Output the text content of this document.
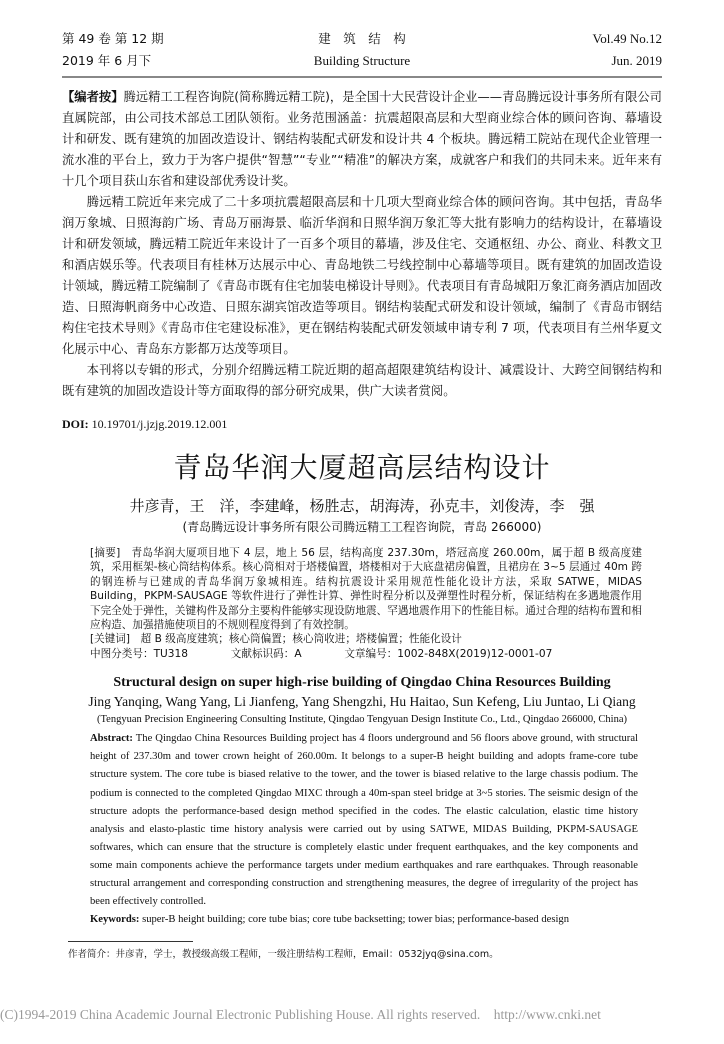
第 49 卷 第 12 期	建　筑　结　构	Vol.49 No.12
2019 年 6 月下	Building Structure	Jun. 2019

【编者按】腾远精工工程咨询院(简称腾远精工院)，是全国十大民营设计企业——青岛腾远设计事务所有限公司直属院部，由公司技术部总工团队领衔。业务范围涵盖：抗震超限高层和大型商业综合体的顾问咨询、幕墙设计和研发、既有建筑的加固改造设计、钢结构装配式研发和设计共 4 个板块。腾远精工院站在现代企业管理一流水准的平台上，致力于为客户提供“智慧”“专业”“精准”的解决方案，成就客户和我们的共同未来。近年来有十几个项目获山东省和建设部优秀设计奖。

腾远精工院近年来完成了二十多项抗震超限高层和十几项大型商业综合体的顾问咨询。其中包括，青岛华润万象城、日照海韵广场、青岛万丽海景、临沂华润和日照华润万象汇等大批有影响力的结构设计，在幕墙设计和研发领域，腾远精工院近年来设计了一百多个项目的幕墙，涉及住宅、交通枢纽、办公、商业、科教文卫和酒店娱乐等。代表项目有桂林万达展示中心、青岛地铁二号线控制中心幕墙等项目。既有建筑的加固改造设计领域，腾远精工院编制了《青岛市既有住宅加装电梯设计导则》。代表项目有青岛城阳万象汇商务酒店加固改造、日照海帆商务中心改造、日照东湖宾馆改造等项目。钢结构装配式研发和设计领域，编制了《青岛市钢结构住宅技术导则》《青岛市住宅建设标准》，更在钢结构装配式研发领域申请专利 7 项，代表项目有兰州华夏文化展示中心、青岛东方影都万达茂等项目。

本刊将以专辑的形式，分别介绍腾远精工院近期的超高超限建筑结构设计、减震设计、大跨空间钢结构和既有建筑的加固改造设计等方面取得的部分研究成果，供广大读者赏阅。

DOI: 10.19701/j.jzjg.2019.12.001
青岛华润大厦超高层结构设计
井彦青，王　洋，李建峰，杨胜志，胡海涛，孙克丰，刘俊涛，李　强
(青岛腾远设计事务所有限公司腾远精工工程咨询院，青岛 266000)

[摘要]　 青岛华润大厦项目地下 4 层，地上 56 层，结构高度 237.30m，塔冠高度 260.00m，属于超 B 级高度建筑，采用框架-核心筒结构体系。核心筒相对于塔楼偏置，塔楼相对于大底盘裙房偏置，且裙房在 3~5 层通过 40m 跨的钢连桥与已建成的青岛华润万象城相连。结构抗震设计采用规范性能化设计方法，采取 SATWE，MIDAS Building，PKPM-SAUSAGE 等软件进行了弹性计算、弹性时程分析以及弹塑性时程分析，保证结构在多遇地震作用下完全处于弹性，关键构件及部分主要构件能够实现设防地震、罕遇地震作用下的性能目标。通过合理的结构布置和相应构造、加强措施使项目的不规则程度得到了有效控制。

[关键词]　 超 B 级高度建筑；核心筒偏置；核心筒收进；塔楼偏置；性能化设计

中图分类号：TU318	文献标识码：A	文章编号：1002-848X(2019)12-0001-07

Structural design on super high-rise building of Qingdao China Resources Building
Jing Yanqing, Wang Yang, Li Jianfeng, Yang Shengzhi, Hu Haitao, Sun Kefeng, Liu Juntao, Li Qiang
(Tengyuan Precision Engineering Consulting Institute, Qingdao Tengyuan Design Institute Co., Ltd., Qingdao 266000, China)

Abstract: The Qingdao China Resources Building project has 4 floors underground and 56 floors above ground, with structural height of 237.30m and tower crown height of 260.00m. It belongs to a super-B height building and adopts frame-core tube structure system. The core tube is biased relative to the tower, and the tower is biased relative to the large chassis podium. The podium is connected to the completed Qingdao MIXC through a 40m-span steel bridge at 3~5 stories. The seismic design of the structure adopts the performance-based design method specified in the codes. The elastic calculation, elastic time history analysis and elasto-plastic time history analysis were carried out by using SATWE, MIDAS Building, PKPM-SAUSAGE softwares, which can ensure that the structure is completely elastic under frequent earthquakes, and the key components and some main components achieve the performance targets under medium earthquakes and rare earthquakes. Through reasonable structural arrangement and corresponding construction and strengthening measures, the degree of irregularity of the project has been effectively controlled.

Keywords: super-B height building; core tube bias; core tube backsetting; tower bias; performance-based design

作者简介：井彦青，学士，教授级高级工程师，一级注册结构工程师，Email：0532jyq@sina.com。
(C)1994-2019 China Academic Journal Electronic Publishing House. All rights reserved.    http://www.cnki.net
